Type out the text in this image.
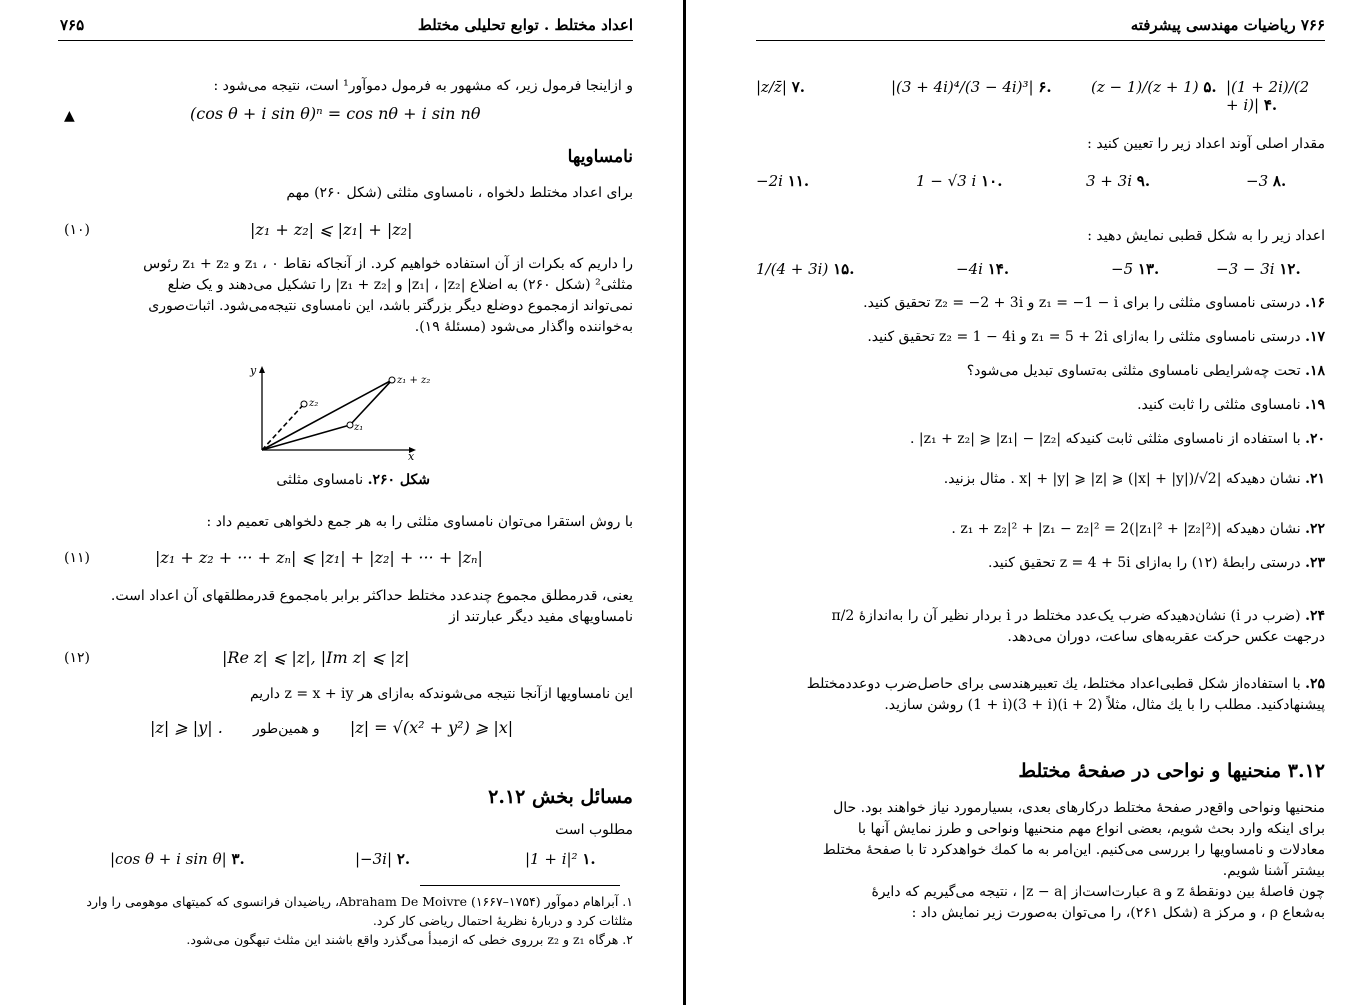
۷۶۵	اعداد مختلط . توابع تحلیلی مختلط

و ازاینجا فرمول زیر، که مشهور به فرمول دموآور¹ است، نتیجه می‌شود :

(cos θ + i sin θ)ⁿ = cos nθ + i sin nθ
▲
نامساویها

برای اعداد مختلط دلخواه ، نامساوی مثلثی (شکل ۲۶۰) مهم

|z₁ + z₂| ⩽ |z₁| + |z₂|
(۱۰)

را داریم که بکرات از آن استفاده خواهیم کرد. از آنجاکه نقاط ۰ ، z₁ و z₁ + z₂ رئوس

مثلثی² (شکل ۲۶۰) به اضلاع |z₁| ، |z₂| و |z₁ + z₂| را تشکیل می‌دهند و یک ضلع

نمی‌تواند ازمجموع دوضلع دیگر بزرگتر باشد، این نامساوی نتیجه‌می‌شود. اثبات‌صوری

به‌خواننده واگذار می‌شود (مسئلهٔ ۱۹).

y
x
z₁
z₂
z₁ + z₂
شکل ۲۶۰. نامساوی مثلثی

با روش استقرا می‌توان نامساوی مثلثی را به هر جمع دلخواهی تعمیم داد :

|z₁ + z₂ + ··· + zₙ| ⩽ |z₁| + |z₂| + ··· + |zₙ|
(۱۱)

یعنی، قدرمطلق مجموع چندعدد مختلط حداکثر برابر بامجموع قدرمطلقهای آن اعداد است.

نامساویهای مفید دیگر عبارتند از

|Re z| ⩽ |z|, |Im z| ⩽ |z|
(۱۲)

این نامساویها ازآنجا نتیجه می‌شوندکه به‌ازای هر z = x + iy داریم

|z| ⩾ |y| . و همین‌طور |z| = √(x² + y²) ⩾ |x|
مسائل بخش ۲.۱۲

مطلوب است

|cos θ + i sin θ| ۳.	|−3i| ۲.	|1 + i|² ۱.

۱. آبراهام دموآور Abraham De Moivre (۱۶۶۷–۱۷۵۴)، ریاضیدان فرانسوی که کمیتهای موهومی را وارد مثلثات کرد و دربارهٔ نظریهٔ احتمال ریاضی کار کرد.

۲. هرگاه z₁ و z₂ برروی خطی که ازمبدأ می‌گذرد واقع باشند این مثلث تبهگون می‌شود.

۷۶۶ ریاضیات مهندسی پیشرفته
|z/z̄| ۷.	|(3 + 4i)⁴/(3 − 4i)³| ۶.	(z − 1)/(z + 1) ۵. |(1 + 2i)/(2 + i)| ۴.

مقدار اصلی آوند اعداد زیر را تعیین کنید :

−2i ۱۱.	1 − √3 i ۱۰.	3 + 3i ۹.	−3 ۸.

اعداد زیر را به شکل قطبی نمایش دهید :

1/(4 + 3i) ۱۵.	−4i ۱۴.	−5 ۱۳.	−3 − 3i ۱۲.
۱۶. درستی نامساوی مثلثی را برای z₁ = −1 − i و z₂ = −2 + 3i تحقیق کنید.
۱۷. درستی نامساوی مثلثی را به‌ازای z₁ = 5 + 2i و z₂ = 1 − 4i تحقیق کنید.
۱۸. تحت چه‌شرایطی نامساوی مثلثی به‌تساوی تبدیل می‌شود؟
۱۹. نامساوی مثلثی را ثابت کنید.
۲۰. با استفاده از نامساوی مثلثی ثابت کنیدکه |z₁ + z₂| ⩾ |z₁| − |z₂| .
۲۱. نشان دهیدکه |x| + |y| ⩾ |z| ⩾ (|x| + |y|)/√2 . مثال بزنید.
۲۲. نشان دهیدکه |z₁ + z₂|² + |z₁ − z₂|² = 2(|z₁|² + |z₂|²) .
۲۳. درستی رابطهٔ (۱۲) را به‌ازای z = 4 + 5i تحقیق کنید.
۲۴. (ضرب در i) نشان‌دهیدکه ضرب یک‌عدد مختلط در i بردار نظیر آن را به‌اندازهٔ π/2
درجهت عکس حرکت عقربه‌های ساعت، دوران می‌دهد.
۲۵. با استفاده‌از شکل قطبی‌اعداد مختلط، یك تعبیرهندسی برای حاصل‌ضرب دوعددمختلط
پیشنهادکنید. مطلب را با یك مثال، مثلاً (2 + i)(3 + i)(1 + i) روشن سازید.
۳.۱۲ منحنیها و نواحی در صفحهٔ مختلط

منحنیها ونواحی واقع‌در صفحهٔ مختلط درکارهای بعدی، بسیارمورد نیاز خواهند بود. حال

برای اینکه وارد بحث شویم، بعضی انواع مهم منحنیها ونواحی و طرز نمایش آنها با

معادلات و نامساویها را بررسی می‌کنیم. این‌امر به ما کمك خواهدکرد تا با صفحهٔ مختلط

بیشتر آشنا شویم.

چون فاصلهٔ بین دونقطهٔ z و a عبارت‌است‌از |z − a| ، نتیجه می‌گیریم که دایرهٔ

به‌شعاع ρ ، و مرکز a (شکل ۲۶۱)، را می‌توان به‌صورت زیر نمایش داد :
